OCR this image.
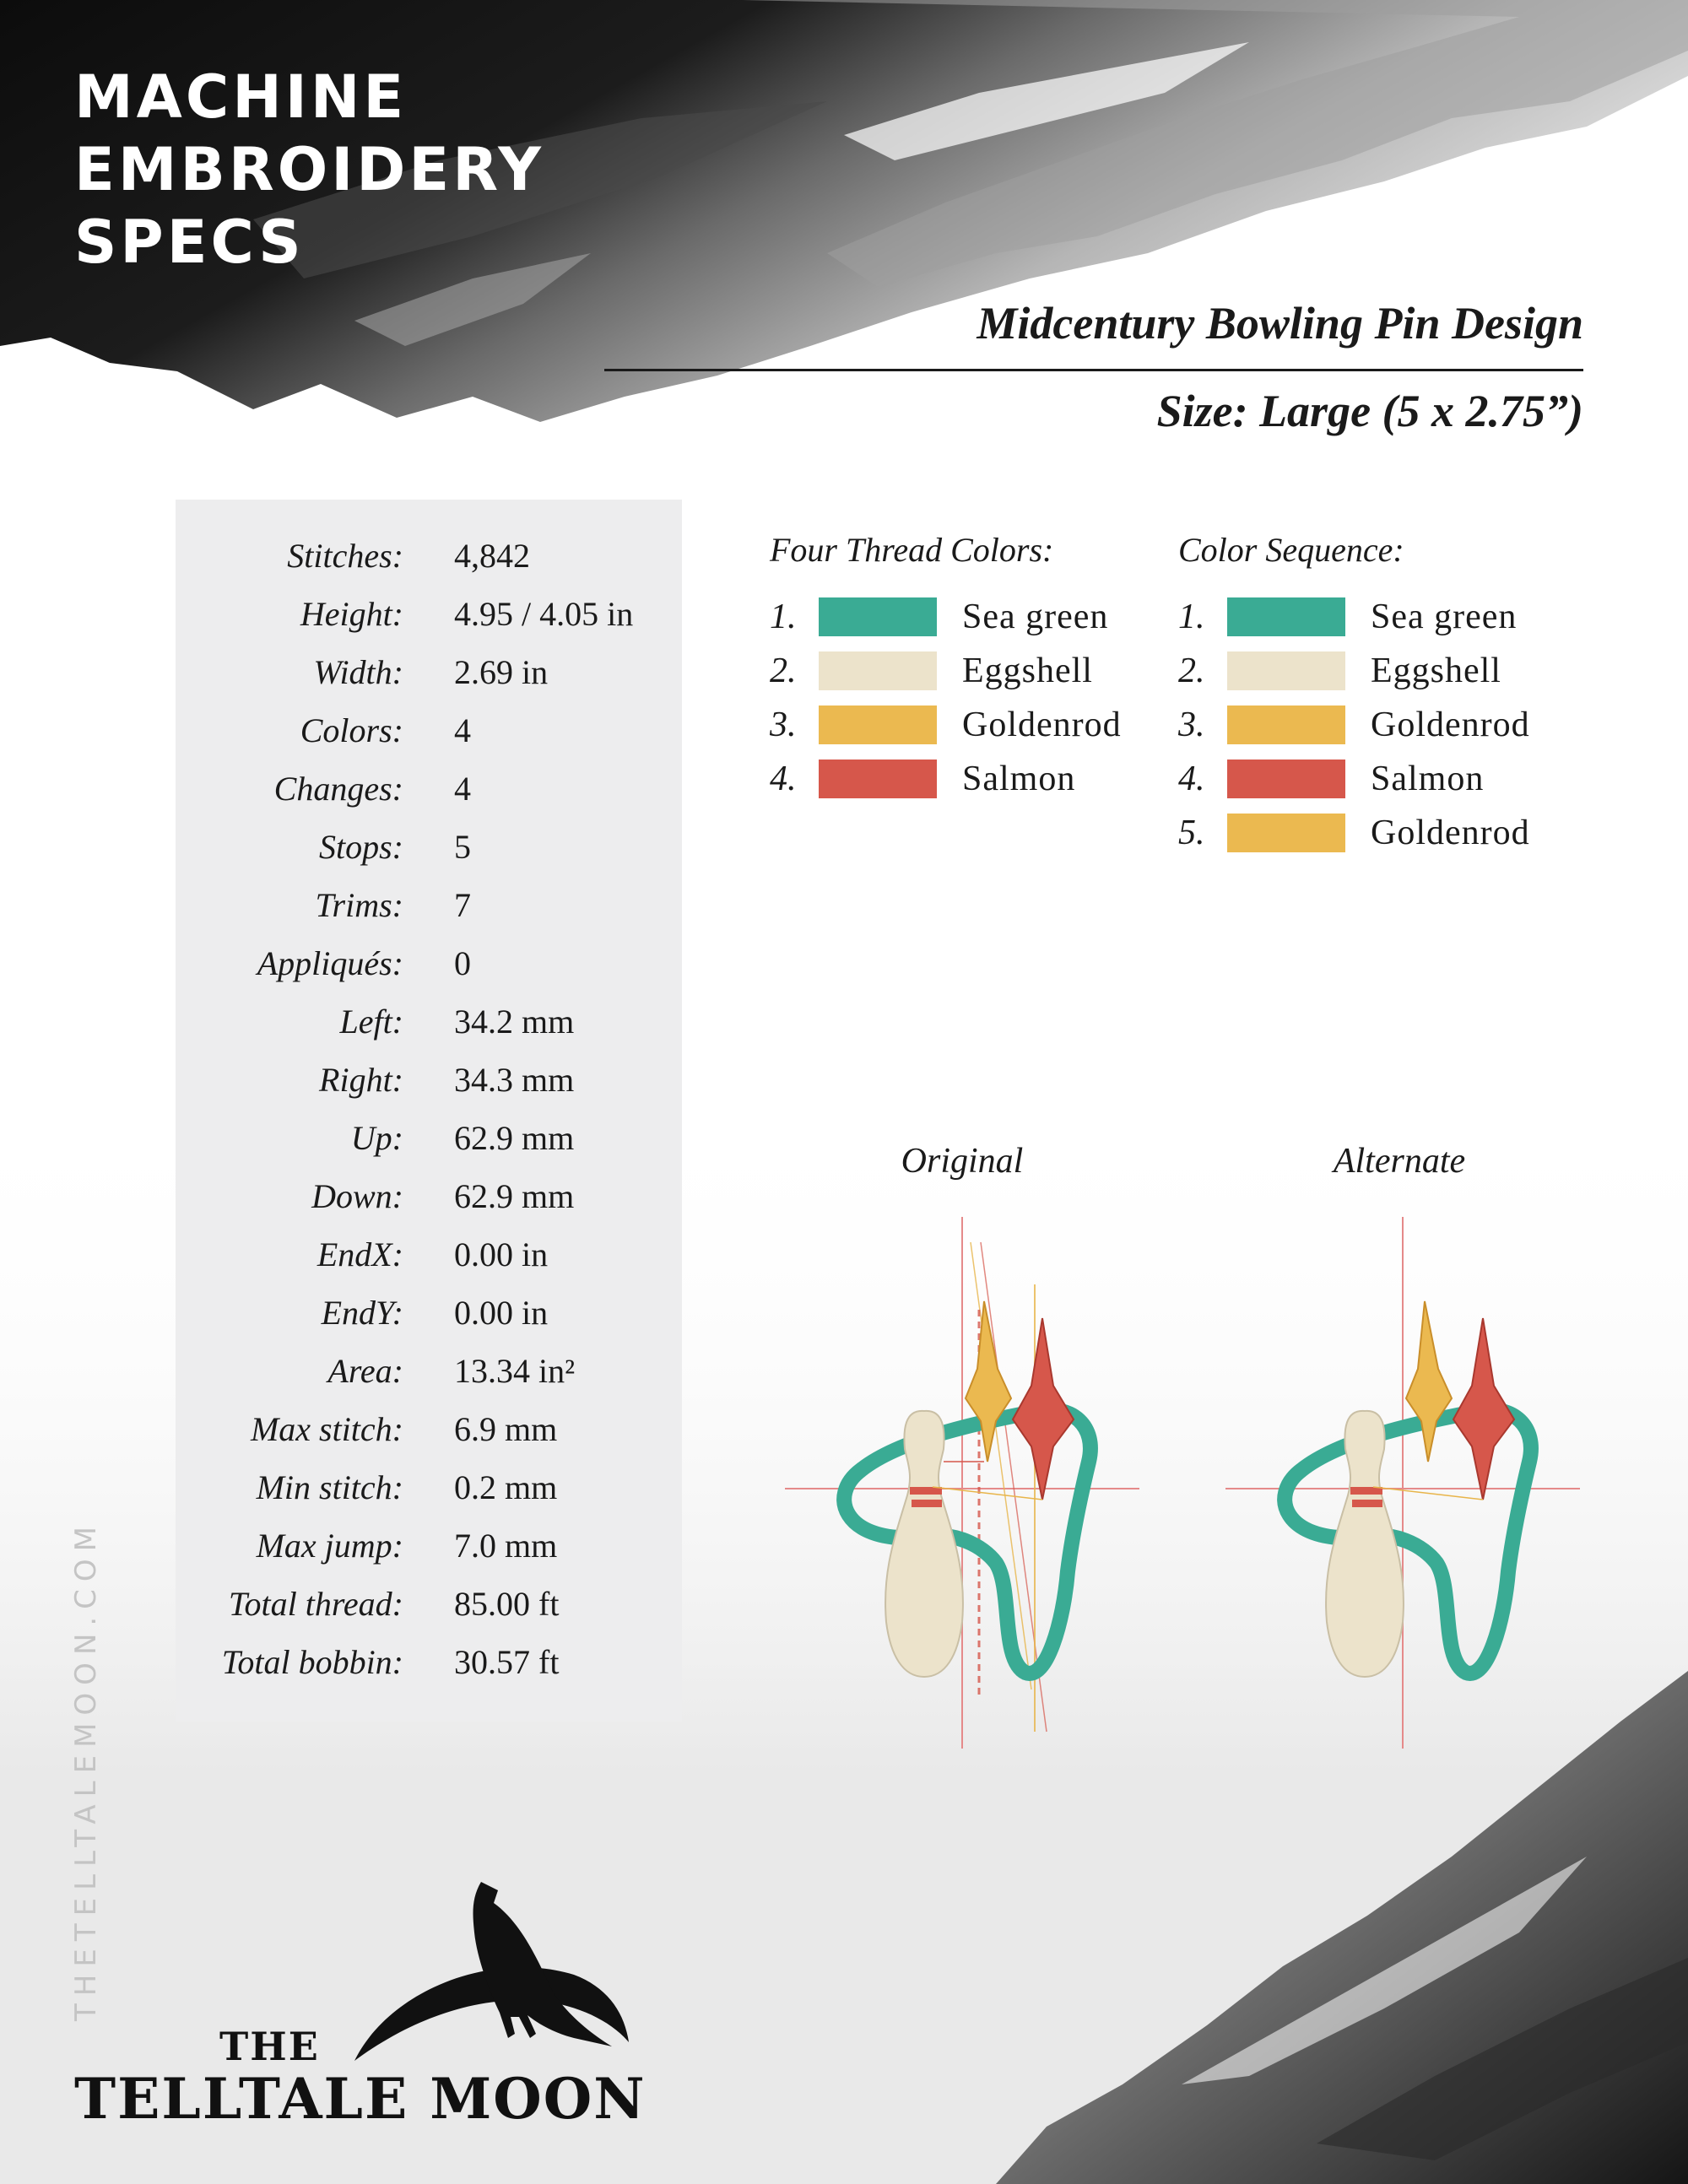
MACHINE
EMBROIDERY
SPECS
Midcentury Bowling Pin Design
Size: Large (5 x 2.75”)
Stitches: 4,842
Height: 4.95 / 4.05 in
Width: 2.69 in
Colors: 4
Changes: 4
Stops: 5
Trims: 7
Appliqués: 0
Left: 34.2 mm
Right: 34.3 mm
Up: 62.9 mm
Down: 62.9 mm
EndX: 0.00 in
EndY: 0.00 in
Area: 13.34 in²
Max stitch: 6.9 mm
Min stitch: 0.2 mm
Max jump: 7.0 mm
Total thread: 85.00 ft
Total bobbin: 30.57 ft
Four Thread Colors:
1.	Sea green
2.	Eggshell
3.	Goldenrod
4.	Salmon
Color Sequence:
1.	Sea green
2.	Eggshell
3.	Goldenrod
4.	Salmon
5.	Goldenrod
Original	Alternate
THETELLTALEMOON.COM
THE
TELLTALE MOON
